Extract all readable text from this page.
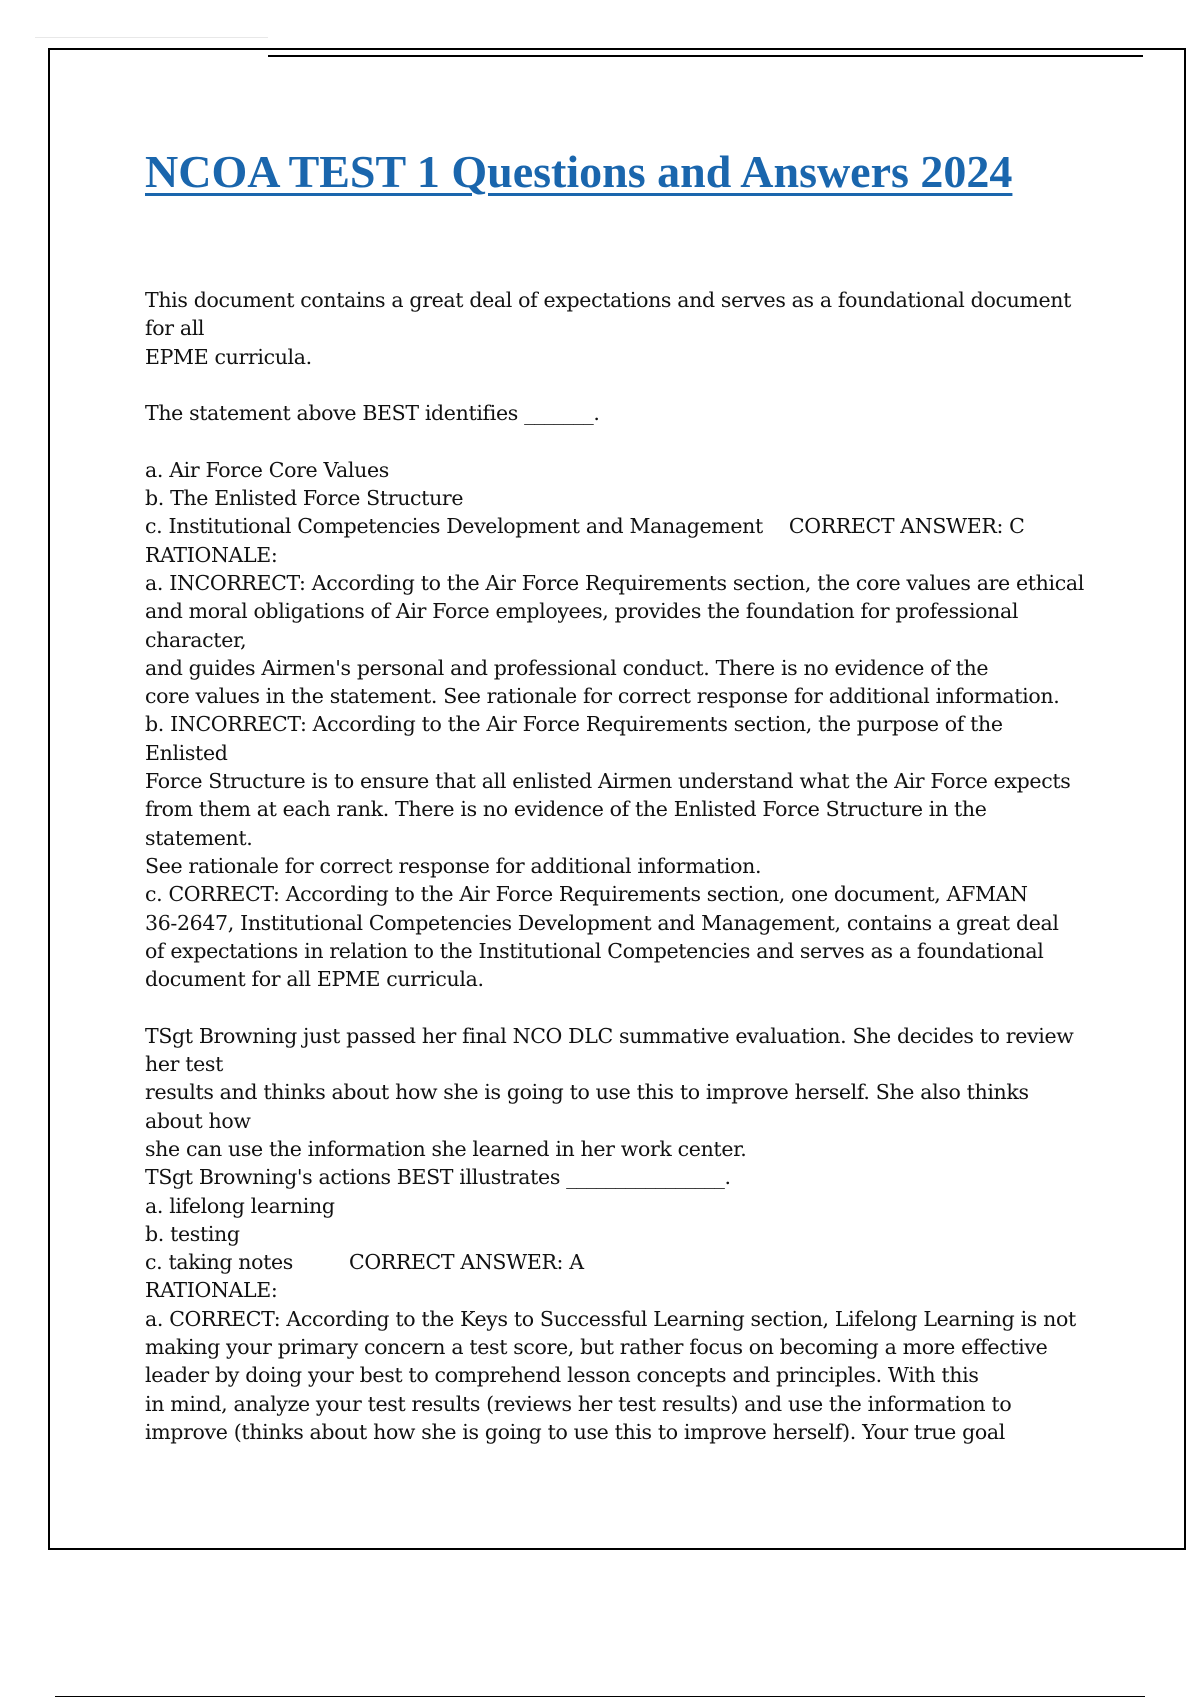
NCOA TEST 1 Questions and Answers 2024
This document contains a great deal of expectations and serves as a foundational document
for all
EPME curricula.
The statement above BEST identifies _______.
a. Air Force Core Values
b. The Enlisted Force Structure
c. Institutional Competencies Development and Management CORRECT ANSWER: C
RATIONALE:
a. INCORRECT: According to the Air Force Requirements section, the core values are ethical
and moral obligations of Air Force employees, provides the foundation for professional
character,
and guides Airmen's personal and professional conduct. There is no evidence of the
core values in the statement. See rationale for correct response for additional information.
b. INCORRECT: According to the Air Force Requirements section, the purpose of the
Enlisted
Force Structure is to ensure that all enlisted Airmen understand what the Air Force expects
from them at each rank. There is no evidence of the Enlisted Force Structure in the
statement.
See rationale for correct response for additional information.
c. CORRECT: According to the Air Force Requirements section, one document, AFMAN
36-2647, Institutional Competencies Development and Management, contains a great deal
of expectations in relation to the Institutional Competencies and serves as a foundational
document for all EPME curricula.
TSgt Browning just passed her final NCO DLC summative evaluation. She decides to review
her test
results and thinks about how she is going to use this to improve herself. She also thinks
about how
she can use the information she learned in her work center.
TSgt Browning's actions BEST illustrates ________________.
a. lifelong learning
b. testing
c. taking notes	CORRECT ANSWER: A
RATIONALE:
a. CORRECT: According to the Keys to Successful Learning section, Lifelong Learning is not
making your primary concern a test score, but rather focus on becoming a more effective
leader by doing your best to comprehend lesson concepts and principles. With this
in mind, analyze your test results (reviews her test results) and use the information to
improve (thinks about how she is going to use this to improve herself). Your true goal
